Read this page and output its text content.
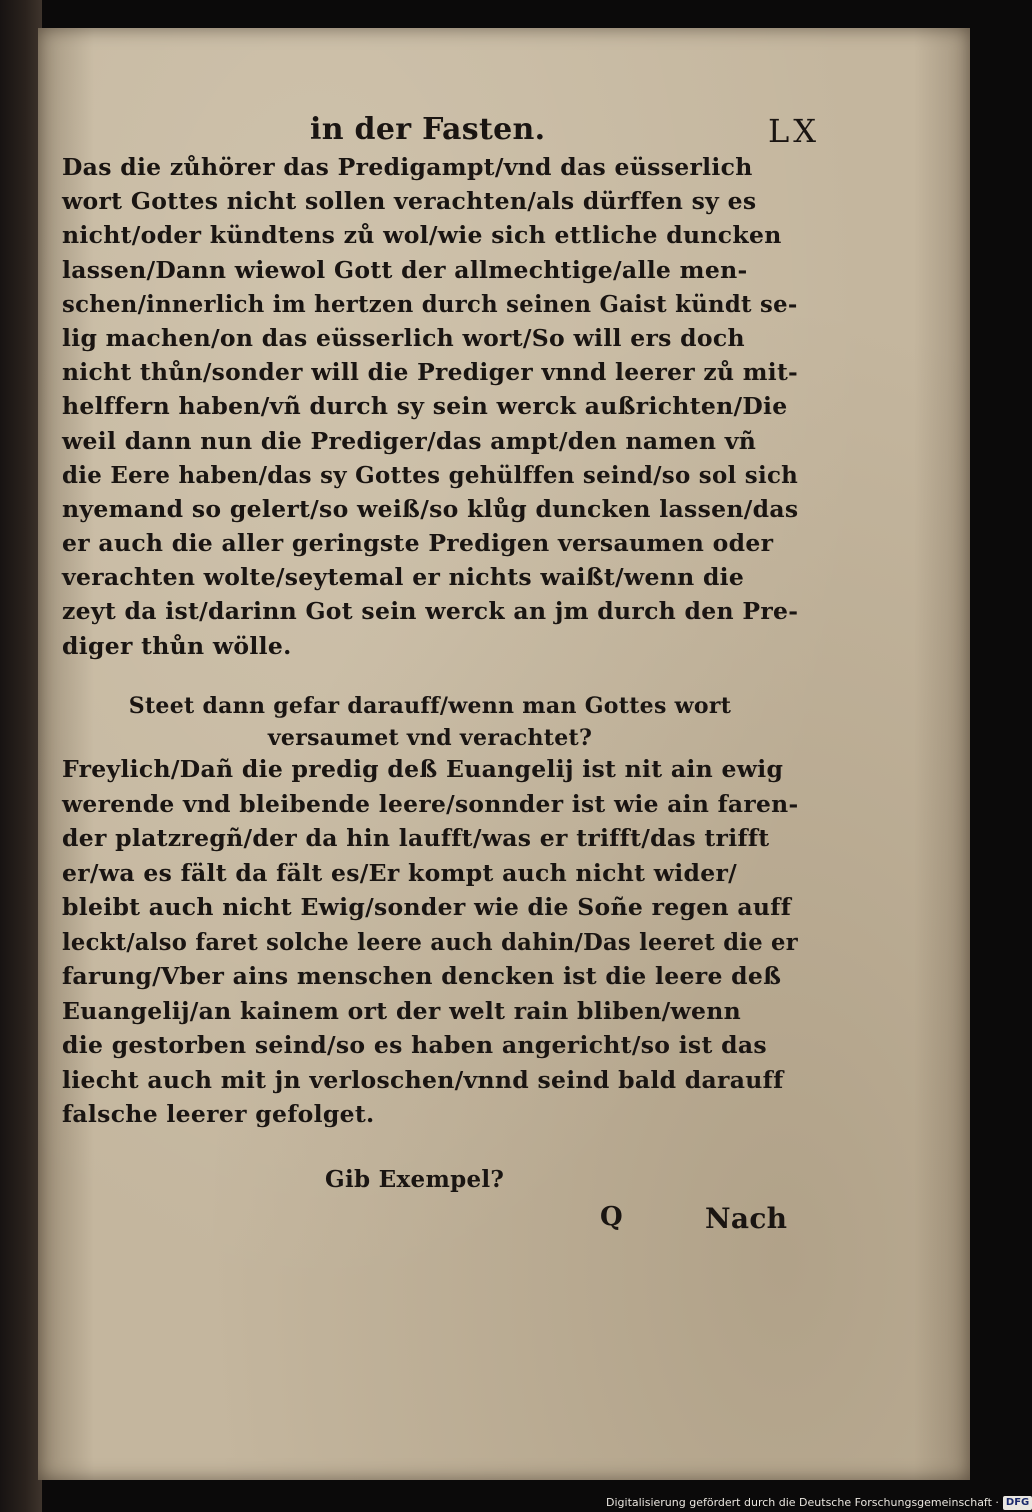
in der Fasten.	LX
Das die zůhörer das Predigampt/vnd das eüsserlich
wort Gottes nicht sollen verachten/als dürffen sy es
nicht/oder kündtens zů wol/wie sich ettliche duncken
lassen/Dann wiewol Gott der allmechtige/alle men-
schen/innerlich im hertzen durch seinen Gaist kündt se-
lig machen/on das eüsserlich wort/So will ers doch
nicht thůn/sonder will die Prediger vnnd leerer zů mit-
helffern haben/vñ durch sy sein werck außrichten/Die
weil dann nun die Prediger/das ampt/den namen vñ
die Eere haben/das sy Gottes gehülffen seind/so sol sich
nyemand so gelert/so weiß/so klůg duncken lassen/das
er auch die aller geringste Predigen versaumen oder
verachten wolte/seytemal er nichts waißt/wenn die
zeyt da ist/darinn Got sein werck an jm durch den Pre-
diger thůn wölle.
Steet dann gefar darauff/wenn man Gottes wort
versaumet vnd verachtet?
Freylich/Dañ die predig deß Euangelij ist nit ain ewig
werende vnd bleibende leere/sonnder ist wie ain faren-
der platzregñ/der da hin laufft/was er trifft/das trifft
er/wa es fält da fält es/Er kompt auch nicht wider/
bleibt auch nicht Ewig/sonder wie die Soñe regen auff
leckt/also faret solche leere auch dahin/Das leeret die er
farung/Vber ains menschen dencken ist die leere deß
Euangelij/an kainem ort der welt rain bliben/wenn
die gestorben seind/so es haben angericht/so ist das
liecht auch mit jn verloschen/vnnd seind bald darauff
falsche leerer gefolget.
Gib Exempel?
Q	Nach
Digitalisierung gefördert durch die Deutsche Forschungsgemeinschaft · DFG
